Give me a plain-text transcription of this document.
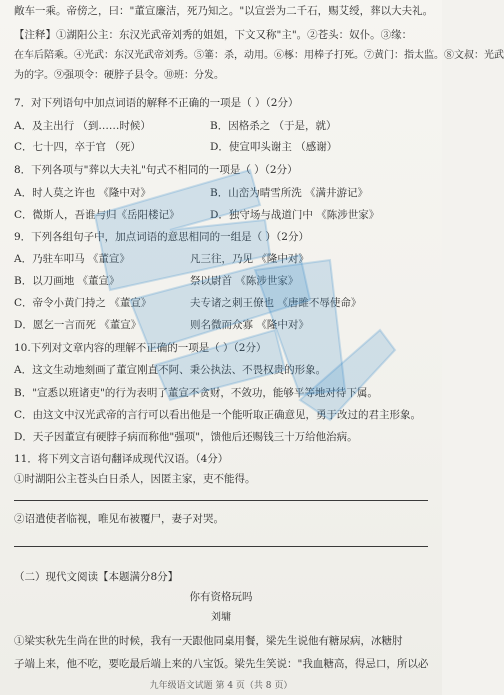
敞车一乘。帝傍之，曰："董宣廉洁，死乃知之。"以宣尝为二千石，赐艾绶，葬以大夫礼。
【注释】①湖阳公主：东汉光武帝刘秀的姐姐，下文又称"主"。②苍头：奴仆。③缘：
在车后陪乘。④光武：东汉光武帝刘秀。⑤箠：杀，动用。⑥椓：用棒子打死。⑦黄门：指太监。⑧文叔：光武
为的字。⑨强项令：硬脖子县令。⑩班：分发。
7．对下列语句中加点词语的解释不正确的一项是（ ）（2分）
A．及主出行 （到……时候）	B．因格杀之 （于是，就）
C．七十四，卒于官 （死）	D．使宣叩头谢主 （感谢）
8．下列各项与"葬以大夫礼"句式不相同的一项是（ ）（2分）
A．时人莫之许也 《隆中对》	B．山峦为晴雪所洗 《满井游记》
C．微斯人，吾谁与归《岳阳楼记》	D．独守场与战道门中 《陈涉世家》
9．下列各组句子中，加点词语的意思相同的一组是（ ）（2分）
A．乃驻车叩马 《董宣》	凡三往，乃见 《隆中对》
B．以刀画地 《董宣》	祭以尉首 《陈涉世家》
C．帝令小黄门持之 《董宣》	夫专诸之刺王僚也 《唐雎不辱使命》
D．愿乞一言而死 《董宣》	则名微而众寡 《隆中对》
10.下列对文章内容的理解不正确的一项是（ ）（2分）
A．这文生动地刻画了董宣刚直不阿、秉公执法、不畏权贵的形象。
B．"宣悉以班诸吏"的行为表明了董宣不贪财，不敛功，能够平等地对待下属。
C．由这文中汉光武帝的言行可以看出他是一个能听取正确意见，勇于改过的君主形象。
D．天子因董宣有硬脖子病而称他"强项"，馈他后还赐钱三十万给他治病。
11．将下列文言语句翻译成现代汉语。（4分）
①时湖阳公主苍头白日杀人，因匿主家，吏不能得。
②诏遣使者临视，唯见布被覆尸，妻子对哭。
（二）现代文阅读【本题满分8分】
你有资格玩吗
刘墉
①梁实秋先生尚在世的时候，我有一天跟他同桌用餐，梁先生说他有糖尿病，冰糖肘
子端上来，他不吃，要吃最后端上来的八宝饭。梁先生笑说："我血糖高，得忌口，所以必
九年级语文试题 第 4 页（共 8 页）
